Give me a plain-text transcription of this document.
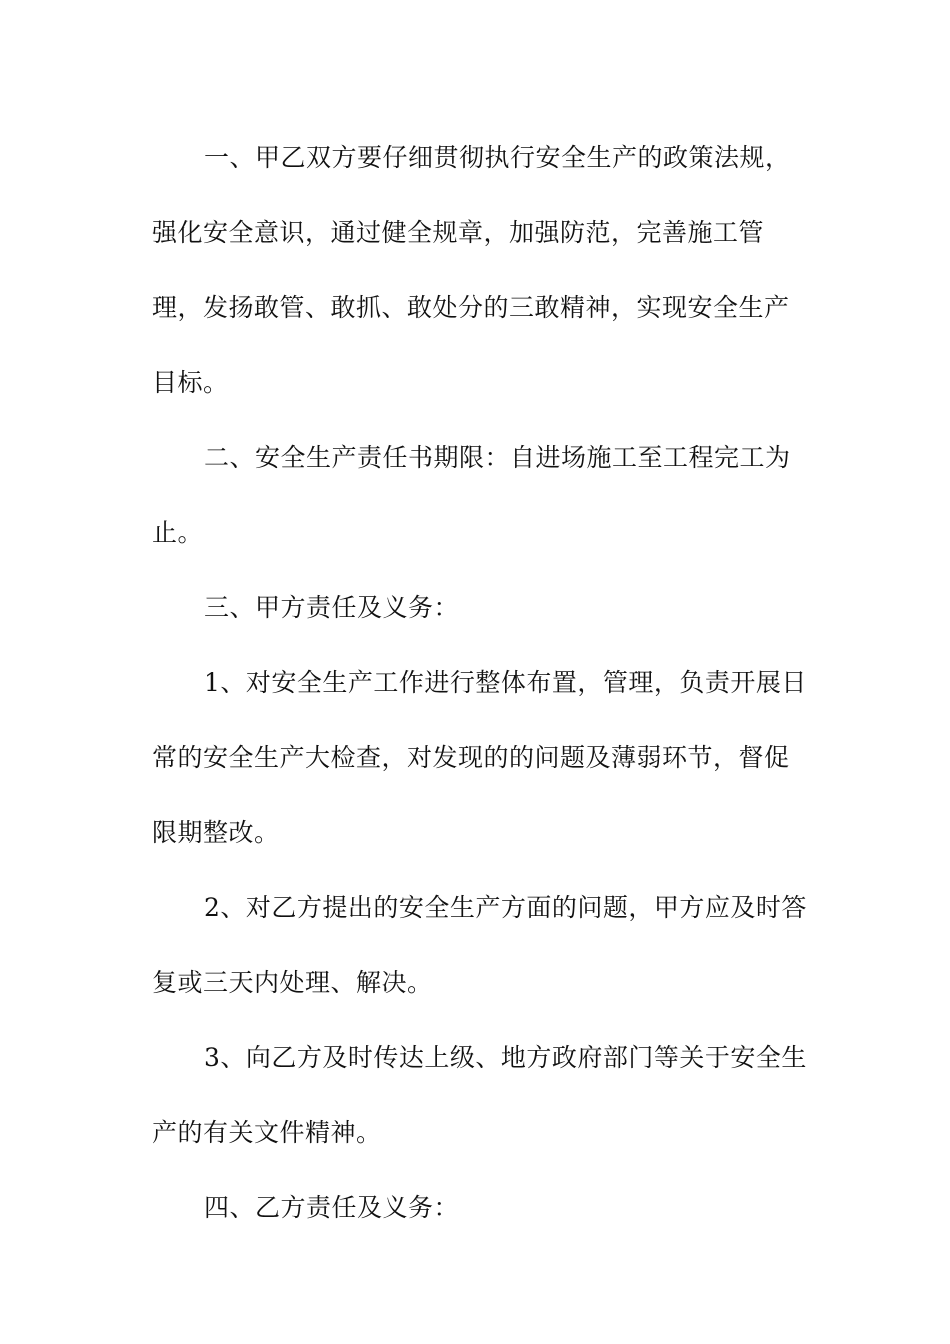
一、甲乙双方要仔细贯彻执行安全生产的政策法规，强化安全意识，通过健全规章，加强防范，完善施工管理，发扬敢管、敢抓、敢处分的三敢精神，实现安全生产目标。

二、安全生产责任书期限：自进场施工至工程完工为止。

三、甲方责任及义务：

1、对安全生产工作进行整体布置，管理，负责开展日常的安全生产大检查，对发现的的问题及薄弱环节，督促限期整改。

2、对乙方提出的安全生产方面的问题，甲方应及时答复或三天内处理、解决。

3、向乙方及时传达上级、地方政府部门等关于安全生产的有关文件精神。

四、乙方责任及义务：
